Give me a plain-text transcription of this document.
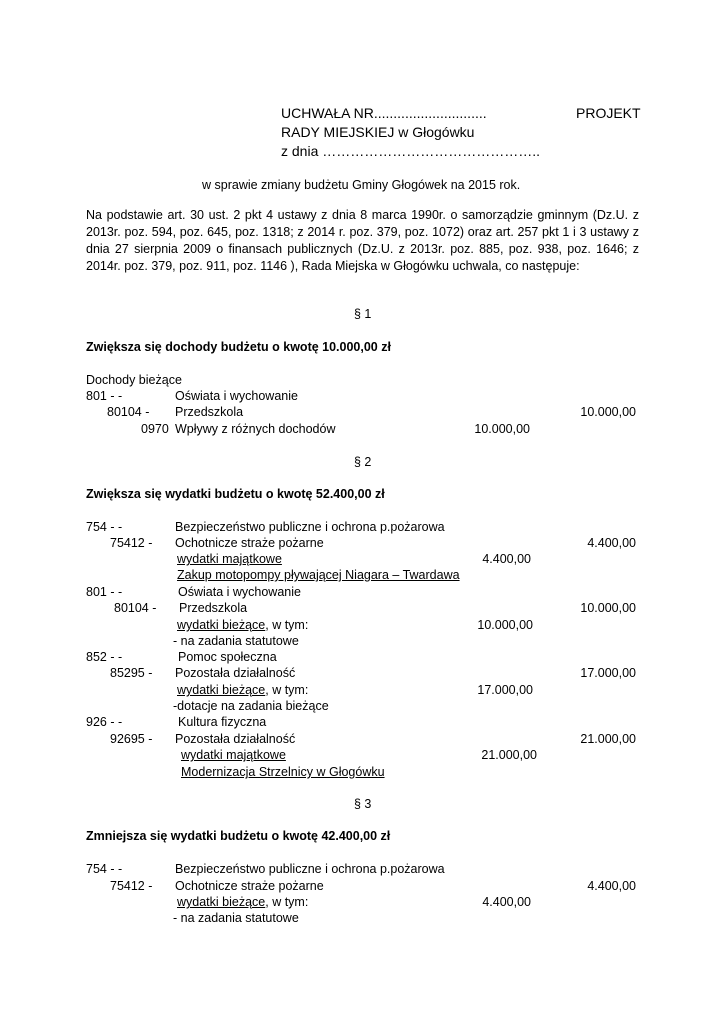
UCHWAŁA NR.............................	PROJEKT
RADY MIEJSKIEJ w Głogówku
z dnia ………………………………………..
w sprawie zmiany budżetu Gminy Głogówek na 2015 rok.
Na podstawie art. 30 ust. 2 pkt 4 ustawy z dnia 8 marca 1990r. o samorządzie gminnym (Dz.U. z 2013r. poz. 594, poz. 645, poz. 1318; z 2014 r. poz. 379, poz. 1072) oraz art. 257 pkt 1 i 3 ustawy z dnia 27 sierpnia 2009 o finansach publicznych (Dz.U. z 2013r. poz. 885, poz. 938, poz. 1646; z 2014r. poz. 379, poz. 911, poz. 1146 ), Rada Miejska w Głogówku uchwala, co następuje:
§ 1
Zwiększa się dochody budżetu o kwotę 10.000,00 zł
Dochody bieżące
801 - -	Oświata i wychowanie
80104 - Przedszkola	10.000,00
0970 Wpływy z różnych dochodów	10.000,00
§ 2
Zwiększa się wydatki budżetu o kwotę 52.400,00 zł
754 - -	Bezpieczeństwo publiczne i ochrona p.pożarowa
75412 - Ochotnicze straże pożarne	4.400,00
wydatki majątkowe	4.400,00
Zakup motopompy pływającej Niagara – Twardawa
801 - -	Oświata i wychowanie
80104 - Przedszkola	10.000,00
wydatki bieżące, w tym:	10.000,00
- na zadania statutowe
852 - -	Pomoc społeczna
85295 - Pozostała działalność	17.000,00
wydatki bieżące, w tym:	17.000,00
-dotacje na zadania bieżące
926 - -	Kultura fizyczna
92695 - Pozostała działalność	21.000,00
wydatki majątkowe	21.000,00
Modernizacja Strzelnicy w Głogówku
§ 3
Zmniejsza się wydatki budżetu o kwotę 42.400,00 zł
754 - -	Bezpieczeństwo publiczne i ochrona p.pożarowa
75412 - Ochotnicze straże pożarne	4.400,00
wydatki bieżące, w tym:	4.400,00
- na zadania statutowe
